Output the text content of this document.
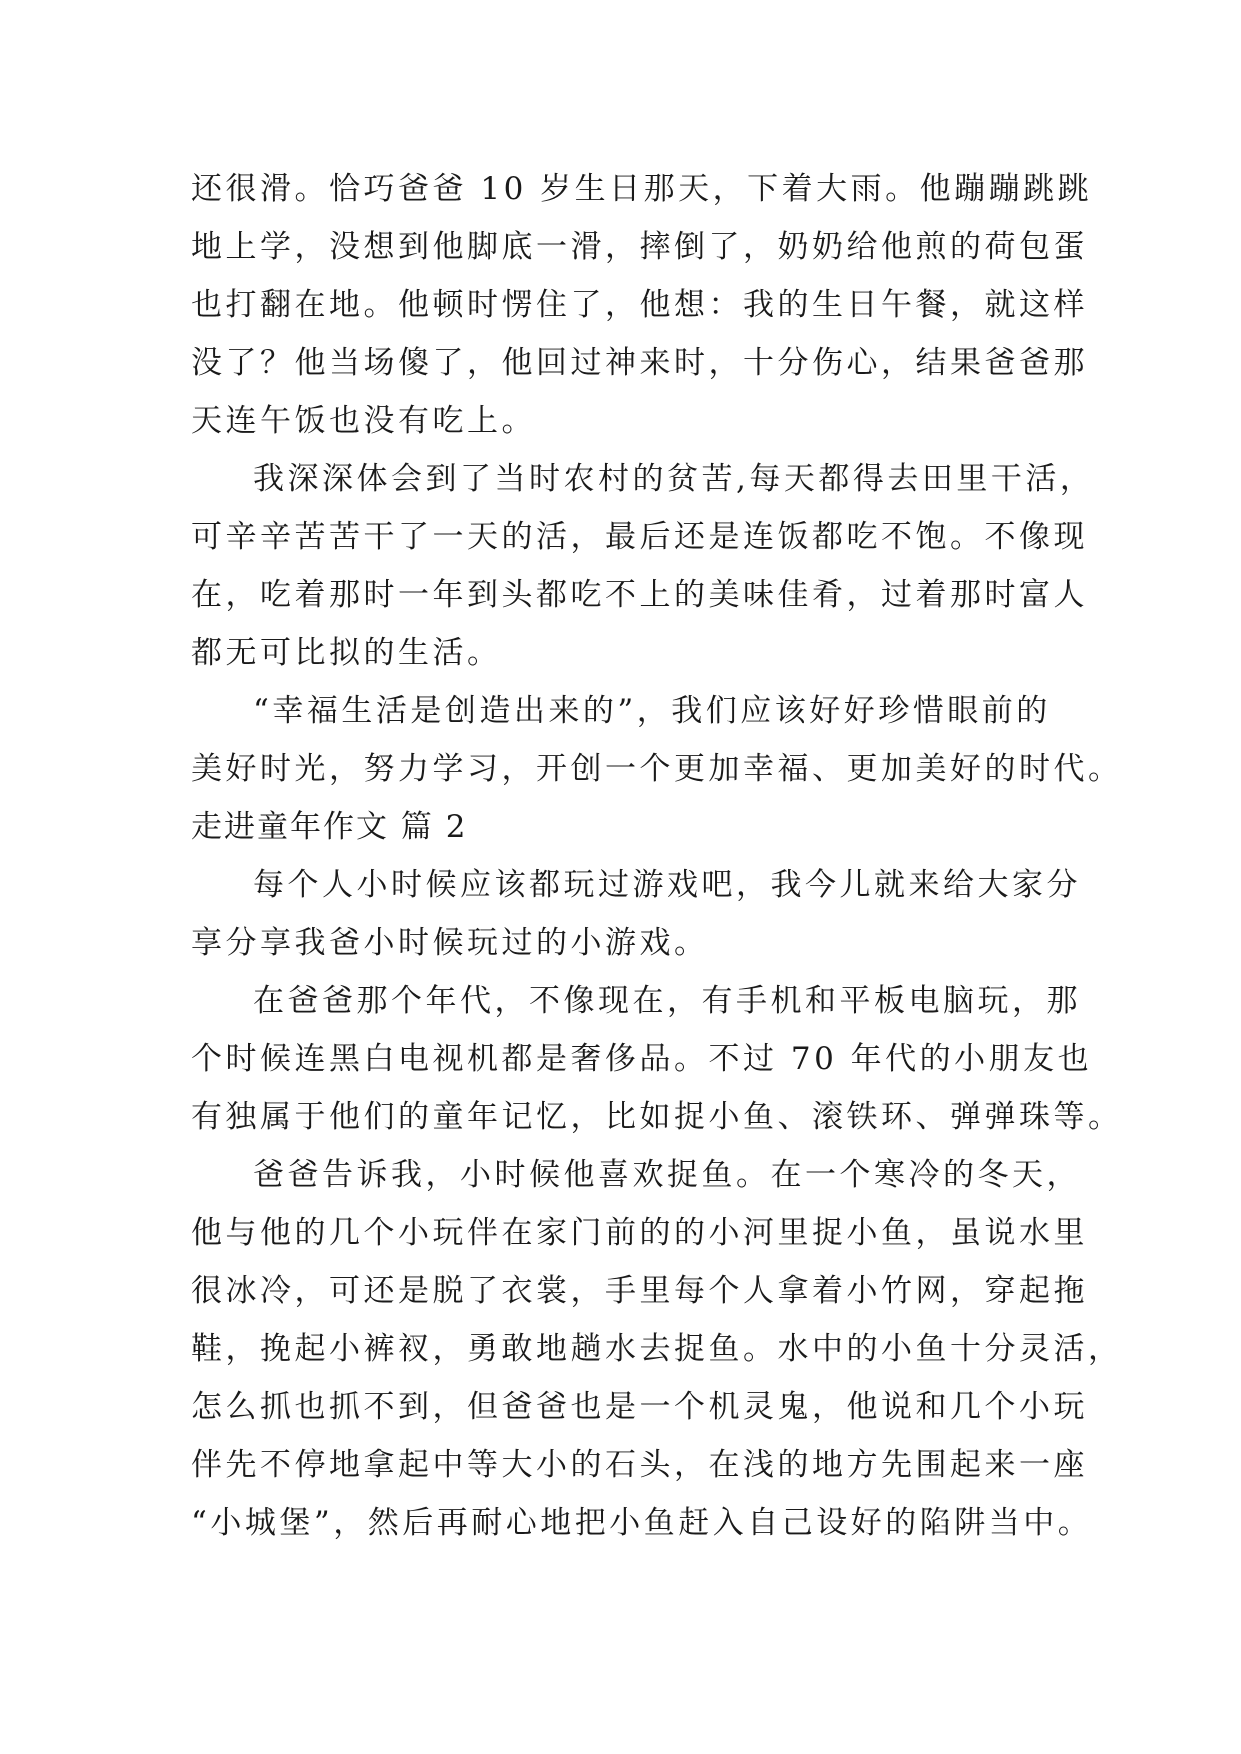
还很滑。恰巧爸爸 10 岁生日那天，下着大雨。他蹦蹦跳跳
地上学，没想到他脚底一滑，摔倒了，奶奶给他煎的荷包蛋
也打翻在地。他顿时愣住了，他想：我的生日午餐，就这样
没了？他当场傻了，他回过神来时，十分伤心，结果爸爸那
天连午饭也没有吃上。
我深深体会到了当时农村的贫苦,每天都得去田里干活，
可辛辛苦苦干了一天的活，最后还是连饭都吃不饱。不像现
在，吃着那时一年到头都吃不上的美味佳肴，过着那时富人
都无可比拟的生活。
“幸福生活是创造出来的”，我们应该好好珍惜眼前的
美好时光，努力学习，开创一个更加幸福、更加美好的时代。
走进童年作文 篇 2
每个人小时候应该都玩过游戏吧，我今儿就来给大家分
享分享我爸小时候玩过的小游戏。
在爸爸那个年代，不像现在，有手机和平板电脑玩，那
个时候连黑白电视机都是奢侈品。不过 70 年代的小朋友也
有独属于他们的童年记忆，比如捉小鱼、滚铁环、弹弹珠等。
爸爸告诉我，小时候他喜欢捉鱼。在一个寒冷的冬天，
他与他的几个小玩伴在家门前的的小河里捉小鱼，虽说水里
很冰冷，可还是脱了衣裳，手里每个人拿着小竹网，穿起拖
鞋，挽起小裤衩，勇敢地趟水去捉鱼。水中的小鱼十分灵活，
怎么抓也抓不到，但爸爸也是一个机灵鬼，他说和几个小玩
伴先不停地拿起中等大小的石头，在浅的地方先围起来一座
“小城堡”，然后再耐心地把小鱼赶入自己设好的陷阱当中。
